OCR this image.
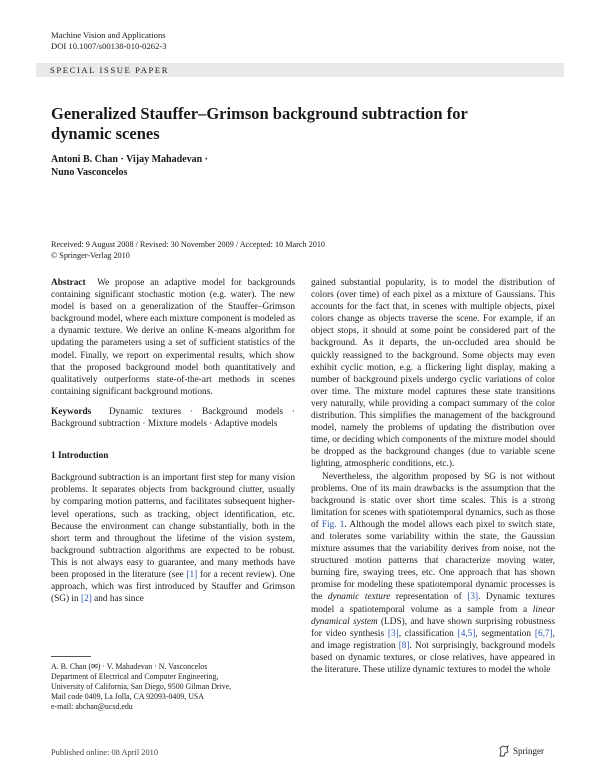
Machine Vision and Applications
DOI 10.1007/s00138-010-0262-3
SPECIAL ISSUE PAPER
Generalized Stauffer–Grimson background subtraction for dynamic scenes
Antoni B. Chan · Vijay Mahadevan ·
Nuno Vasconcelos
Received: 9 August 2008 / Revised: 30 November 2009 / Accepted: 10 March 2010
© Springer-Verlag 2010

Abstract We propose an adaptive model for backgrounds containing significant stochastic motion (e.g. water). The new model is based on a generalization of the Stauffer–Grimson background model, where each mixture component is modeled as a dynamic texture. We derive an online K-means algorithm for updating the parameters using a set of sufficient statistics of the model. Finally, we report on experimental results, which show that the proposed background model both quantitatively and qualitatively outperforms state-of-the-art methods in scenes containing significant background motions.

Keywords Dynamic textures · Background models · Background subtraction · Mixture models · Adaptive models

1 Introduction

Background subtraction is an important first step for many vision problems. It separates objects from background clutter, usually by comparing motion patterns, and facilitates subsequent higher-level operations, such as tracking, object identification, etc. Because the environment can change substantially, both in the short term and throughout the lifetime of the vision system, background subtraction algorithms are expected to be robust. This is not always easy to guarantee, and many methods have been proposed in the literature (see [1] for a recent review). One approach, which was first introduced by Stauffer and Grimson (SG) in [2] and has since

gained substantial popularity, is to model the distribution of colors (over time) of each pixel as a mixture of Gaussians. This accounts for the fact that, in scenes with multiple objects, pixel colors change as objects traverse the scene. For example, if an object stops, it should at some point be considered part of the background. As it departs, the un-occluded area should be quickly reassigned to the background. Some objects may even exhibit cyclic motion, e.g. a flickering light display, making a number of background pixels undergo cyclic variations of color over time. The mixture model captures these state transitions very naturally, while providing a compact summary of the color distribution. This simplifies the management of the background model, namely the problems of updating the distribution over time, or deciding which components of the mixture model should be dropped as the background changes (due to variable scene lighting, atmospheric conditions, etc.).

Nevertheless, the algorithm proposed by SG is not without problems. One of its main drawbacks is the assumption that the background is static over short time scales. This is a strong limitation for scenes with spatiotemporal dynamics, such as those of Fig. 1. Although the model allows each pixel to switch state, and tolerates some variability within the state, the Gaussian mixture assumes that the variability derives from noise, not the structured motion patterns that characterize moving water, burning fire, swaying trees, etc. One approach that has shown promise for modeling these spatiotemporal dynamic processes is the dynamic texture representation of [3]. Dynamic textures model a spatiotemporal volume as a sample from a linear dynamical system (LDS), and have shown surprising robustness for video synthesis [3], classification [4,5], segmentation [6,7], and image registration [8]. Not surprisingly, background models based on dynamic textures, or close relatives, have appeared in the literature. These utilize dynamic textures to model the whole

A. B. Chan (✉) · V. Mahadevan · N. Vasconcelos
Department of Electrical and Computer Engineering,
University of California, San Diego, 9500 Gilman Drive,
Mail code 0409, La Jolla, CA 92093-0409, USA
e-mail: abchan@ucsd.edu
Published online: 08 April 2010	Springer
